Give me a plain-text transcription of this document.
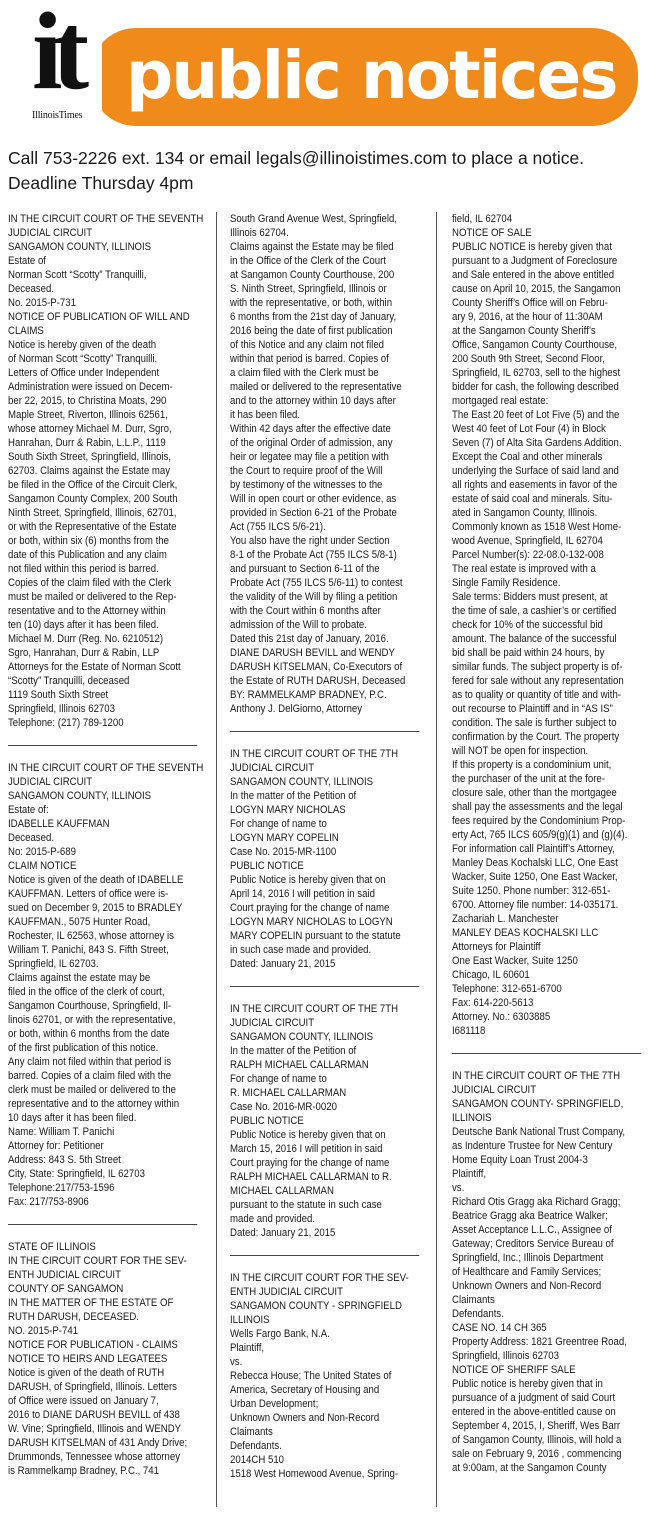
public notices
it
IllinoisTimes
Call 753-2226 ext. 134 or email legals@illinoistimes.com to place a notice.
Deadline Thursday 4pm
IN THE CIRCUIT COURT OF THE SEVENTH
JUDICIAL CIRCUIT
SANGAMON COUNTY, ILLINOIS
Estate of
Norman Scott “Scotty” Tranquilli,
Deceased.
No. 2015-P-731
NOTICE OF PUBLICATION OF WILL AND
CLAIMS
Notice is hereby given of the death
of Norman Scott “Scotty” Tranquilli.
Letters of Office under Independent
Administration were issued on Decem-
ber 22, 2015, to Christina Moats, 290
Maple Street, Riverton, Illinois 62561,
whose attorney Michael M. Durr, Sgro,
Hanrahan, Durr & Rabin, L.L.P., 1119
South Sixth Street, Springfield, Illinois,
62703. Claims against the Estate may
be filed in the Office of the Circuit Clerk,
Sangamon County Complex, 200 South
Ninth Street, Springfield, Illinois, 62701,
or with the Representative of the Estate
or both, within six (6) months from the
date of this Publication and any claim
not filed within this period is barred.
Copies of the claim filed with the Clerk
must be mailed or delivered to the Rep-
resentative and to the Attorney within
ten (10) days after it has been filed.
Michael M. Durr (Reg. No. 6210512)
Sgro, Hanrahan, Durr & Rabin, LLP
Attorneys for the Estate of Norman Scott
“Scotty” Tranquilli, deceased
1119 South Sixth Street
Springfield, Illinois 62703
Telephone: (217) 789-1200
IN THE CIRCUIT COURT OF THE SEVENTH
JUDICIAL CIRCUIT
SANGAMON COUNTY, ILLINOIS
Estate of:
IDABELLE KAUFFMAN
Deceased.
No: 2015-P-689
CLAIM NOTICE
Notice is given of the death of IDABELLE
KAUFFMAN. Letters of office were is-
sued on December 9, 2015 to BRADLEY
KAUFFMAN., 5075 Hunter Road,
Rochester, IL 62563, whose attorney is
William T. Panichi, 843 S. Fifth Street,
Springfield, IL 62703.
Claims against the estate may be
filed in the office of the clerk of court,
Sangamon Courthouse, Springfield, Il-
linois 62701, or with the representative,
or both, within 6 months from the date
of the first publication of this notice.
Any claim not filed within that period is
barred. Copies of a claim filed with the
clerk must be mailed or delivered to the
representative and to the attorney within
10 days after it has been filed.
Name: William T. Panichi
Attorney for: Petitioner
Address: 843 S. 5th Street
City, State: Springfield, IL 62703
Telephone:217/753-1596
Fax: 217/753-8906
STATE OF ILLINOIS
IN THE CIRCUIT COURT FOR THE SEV-
ENTH JUDICIAL CIRCUIT
COUNTY OF SANGAMON
IN THE MATTER OF THE ESTATE OF
RUTH DARUSH, DECEASED.
NO. 2015-P-741
NOTICE FOR PUBLICATION - CLAIMS
NOTICE TO HEIRS AND LEGATEES
Notice is given of the death of RUTH
DARUSH, of Springfield, Illinois. Letters
of Office were issued on January 7,
2016 to DIANE DARUSH BEVILL of 438
W. Vine; Springfield, Illinois and WENDY
DARUSH KITSELMAN of 431 Andy Drive;
Drummonds, Tennessee whose attorney
is Rammelkamp Bradney, P.C., 741
South Grand Avenue West, Springfield,
Illinois 62704.
Claims against the Estate may be filed
in the Office of the Clerk of the Court
at Sangamon County Courthouse, 200
S. Ninth Street, Springfield, Illinois or
with the representative, or both, within
6 months from the 21st day of January,
2016 being the date of first publication
of this Notice and any claim not filed
within that period is barred. Copies of
a claim filed with the Clerk must be
mailed or delivered to the representative
and to the attorney within 10 days after
it has been filed.
Within 42 days after the effective date
of the original Order of admission, any
heir or legatee may file a petition with
the Court to require proof of the Will
by testimony of the witnesses to the
Will in open court or other evidence, as
provided in Section 6-21 of the Probate
Act (755 ILCS 5/6-21).
You also have the right under Section
8-1 of the Probate Act (755 ILCS 5/8-1)
and pursuant to Section 6-11 of the
Probate Act (755 ILCS 5/6-11) to contest
the validity of the Will by filing a petition
with the Court within 6 months after
admission of the Will to probate.
Dated this 21st day of January, 2016.
DIANE DARUSH BEVILL and WENDY
DARUSH KITSELMAN, Co-Executors of
the Estate of RUTH DARUSH, Deceased
BY: RAMMELKAMP BRADNEY, P.C.
Anthony J. DelGiorno, Attorney
IN THE CIRCUIT COURT OF THE 7TH
JUDICIAL CIRCUIT
SANGAMON COUNTY, ILLINOIS
In the matter of the Petition of
LOGYN MARY NICHOLAS
For change of name to
LOGYN MARY COPELIN
Case No. 2015-MR-1100
PUBLIC NOTICE
Public Notice is hereby given that on
April 14, 2016 I will petition in said
Court praying for the change of name
LOGYN MARY NICHOLAS to LOGYN
MARY COPELIN pursuant to the statute
in such case made and provided.
Dated: January 21, 2015
IN THE CIRCUIT COURT OF THE 7TH
JUDICIAL CIRCUIT
SANGAMON COUNTY, ILLINOIS
In the matter of the Petition of
RALPH MICHAEL CALLARMAN
For change of name to
R. MICHAEL CALLARMAN
Case No. 2016-MR-0020
PUBLIC NOTICE
Public Notice is hereby given that on
March 15, 2016 I will petition in said
Court praying for the change of name
RALPH MICHAEL CALLARMAN to R.
MICHAEL CALLARMAN
pursuant to the statute in such case
made and provided.
Dated: January 21, 2015
IN THE CIRCUIT COURT FOR THE SEV-
ENTH JUDICIAL CIRCUIT
SANGAMON COUNTY - SPRINGFIELD
ILLINOIS
Wells Fargo Bank, N.A.
Plaintiff,
vs.
Rebecca House; The United States of
America, Secretary of Housing and
Urban Development;
Unknown Owners and Non-Record
Claimants
Defendants.
2014CH 510
1518 West Homewood Avenue, Spring-
field, IL 62704
NOTICE OF SALE
PUBLIC NOTICE is hereby given that
pursuant to a Judgment of Foreclosure
and Sale entered in the above entitled
cause on April 10, 2015, the Sangamon
County Sheriff’s Office will on Febru-
ary 9, 2016, at the hour of 11:30AM
at the Sangamon County Sheriff’s
Office, Sangamon County Courthouse,
200 South 9th Street, Second Floor,
Springfield, IL 62703, sell to the highest
bidder for cash, the following described
mortgaged real estate:
The East 20 feet of Lot Five (5) and the
West 40 feet of Lot Four (4) in Block
Seven (7) of Alta Sita Gardens Addition.
Except the Coal and other minerals
underlying the Surface of said land and
all rights and easements in favor of the
estate of said coal and minerals. Situ-
ated in Sangamon County, Illinois.
Commonly known as 1518 West Home-
wood Avenue, Springfield, IL 62704
Parcel Number(s): 22-08.0-132-008
The real estate is improved with a
Single Family Residence.
Sale terms: Bidders must present, at
the time of sale, a cashier’s or certified
check for 10% of the successful bid
amount. The balance of the successful
bid shall be paid within 24 hours, by
similar funds. The subject property is of-
fered for sale without any representation
as to quality or quantity of title and with-
out recourse to Plaintiff and in “AS IS”
condition. The sale is further subject to
confirmation by the Court. The property
will NOT be open for inspection.
If this property is a condominium unit,
the purchaser of the unit at the fore-
closure sale, other than the mortgagee
shall pay the assessments and the legal
fees required by the Condominium Prop-
erty Act, 765 ILCS 605/9(g)(1) and (g)(4).
For information call Plaintiff’s Attorney,
Manley Deas Kochalski LLC, One East
Wacker, Suite 1250, One East Wacker,
Suite 1250. Phone number: 312-651-
6700. Attorney file number: 14-035171.
Zachariah L. Manchester
MANLEY DEAS KOCHALSKI LLC
Attorneys for Plaintiff
One East Wacker, Suite 1250
Chicago, IL 60601
Telephone: 312-651-6700
Fax: 614-220-5613
Attorney. No.: 6303885
I681118
IN THE CIRCUIT COURT OF THE 7TH
JUDICIAL CIRCUIT
SANGAMON COUNTY- SPRINGFIELD,
ILLINOIS
Deutsche Bank National Trust Company,
as Indenture Trustee for New Century
Home Equity Loan Trust 2004-3
Plaintiff,
vs.
Richard Otis Gragg aka Richard Gragg;
Beatrice Gragg aka Beatrice Walker;
Asset Acceptance L.L.C., Assignee of
Gateway; Creditors Service Bureau of
Springfield, Inc.; Illinois Department
of Healthcare and Family Services;
Unknown Owners and Non-Record
Claimants
Defendants.
CASE NO. 14 CH 365
Property Address: 1821 Greentree Road,
Springfield, Illinois 62703
NOTICE OF SHERIFF SALE
Public notice is hereby given that in
pursuance of a judgment of said Court
entered in the above-entitled cause on
September 4, 2015, I, Sheriff, Wes Barr
of Sangamon County, Illinois, will hold a
sale on February 9, 2016 , commencing
at 9:00am, at the Sangamon County
